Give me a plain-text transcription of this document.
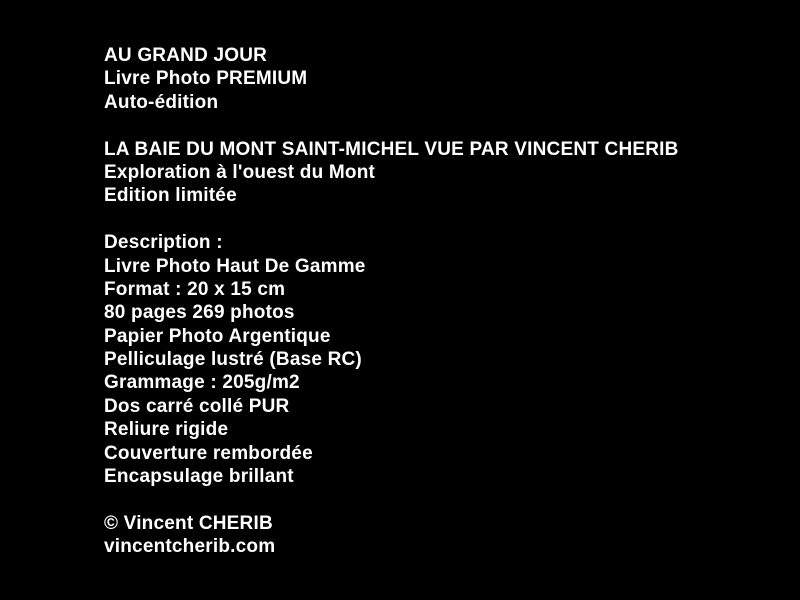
AU GRAND JOUR
Livre Photo PREMIUM
Auto-édition
LA BAIE DU MONT SAINT-MICHEL VUE PAR VINCENT CHERIB
Exploration à l'ouest du Mont
Edition limitée
Description :
Livre Photo Haut De Gamme
Format : 20 x 15 cm
80 pages 269 photos
Papier Photo Argentique
Pelliculage lustré (Base RC)
Grammage : 205g/m2
Dos carré collé PUR
Reliure rigide
Couverture rembordée
Encapsulage brillant
© Vincent CHERIB
vincentcherib.com
